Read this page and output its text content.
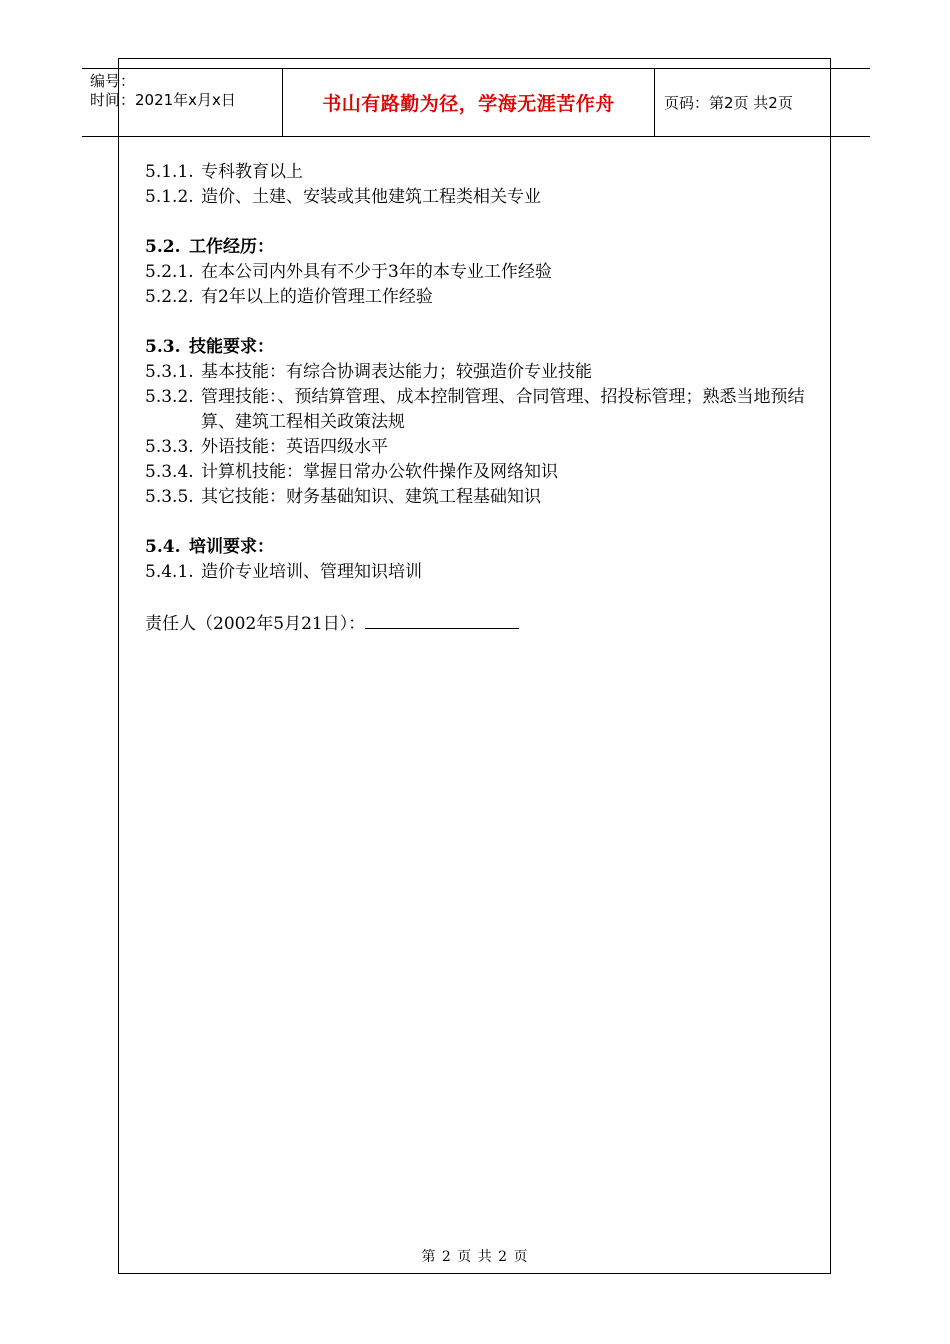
编号：
时间：2021年x月x日	书山有路勤为径，学海无涯苦作舟	页码：第2页 共2页
5.1.1. 专科教育以上
5.1.2. 造价、土建、安装或其他建筑工程类相关专业
5.2. 工作经历：
5.2.1. 在本公司内外具有不少于3年的本专业工作经验
5.2.2. 有2年以上的造价管理工作经验
5.3. 技能要求：
5.3.1. 基本技能：有综合协调表达能力；较强造价专业技能
5.3.2. 管理技能：、预结算管理、成本控制管理、合同管理、招投标管理；熟悉当地预结算、建筑工程相关政策法规
5.3.3. 外语技能：英语四级水平
5.3.4. 计算机技能：掌握日常办公软件操作及网络知识
5.3.5. 其它技能：财务基础知识、建筑工程基础知识
5.4. 培训要求：
5.4.1. 造价专业培训、管理知识培训
责任人（2002年5月21日）：
第 2 页 共 2 页
